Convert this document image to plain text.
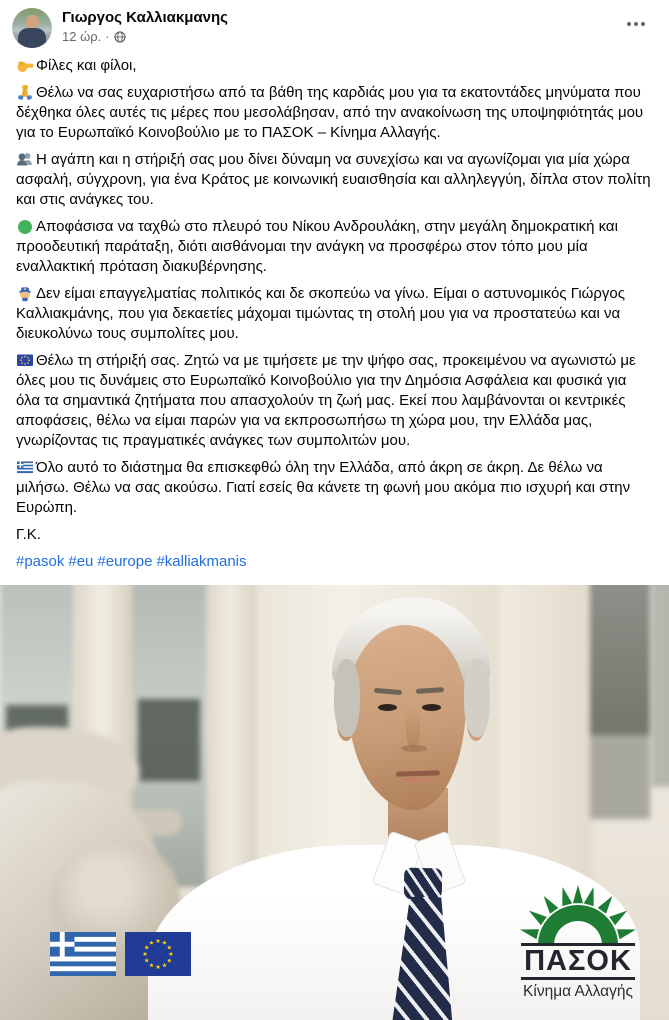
Γιωργος Καλλιακμανης
12 ώρ. ·

Φίλες και φίλοι,

Θέλω να σας ευχαριστήσω από τα βάθη της καρδιάς μου για τα εκατοντάδες μηνύματα που δέχθηκα όλες αυτές τις μέρες που μεσολάβησαν, από την ανακοίνωση της υποψηφιότητάς μου για το Ευρωπαϊκό Κοινοβούλιο με το ΠΑΣΟΚ – Κίνημα Αλλαγής.

Η αγάπη και η στήριξή σας μου δίνει δύναμη να συνεχίσω και να αγωνίζομαι για μία χώρα ασφαλή, σύγχρονη, για ένα Κράτος με κοινωνική ευαισθησία και αλληλεγγύη, δίπλα στον πολίτη και στις ανάγκες του.

Αποφάσισα να ταχθώ στο πλευρό του Νίκου Ανδρουλάκη, στην μεγάλη δημοκρατική και προοδευτική παράταξη, διότι αισθάνομαι την ανάγκη να προσφέρω στον τόπο μου μία εναλλακτική πρόταση διακυβέρνησης.

Δεν είμαι επαγγελματίας πολιτικός και δε σκοπεύω να γίνω. Είμαι ο αστυνομικός Γιώργος Καλλιακμάνης, που για δεκαετίες μάχομαι τιμώντας τη στολή μου για να προστατεύω και να διευκολύνω τους συμπολίτες μου.

Θέλω τη στήριξή σας. Ζητώ να με τιμήσετε με την ψήφο σας, προκειμένου να αγωνιστώ με όλες μου τις δυνάμεις στο Ευρωπαϊκό Κοινοβούλιο για την Δημόσια Ασφάλεια και φυσικά για όλα τα σημαντικά ζητήματα που απασχολούν τη ζωή μας. Εκεί που λαμβάνονται οι κεντρικές αποφάσεις, θέλω να είμαι παρών για να εκπροσωπήσω τη χώρα μου, την Ελλάδα μας, γνωρίζοντας τις πραγματικές ανάγκες των συμπολιτών μου.

Όλο αυτό το διάστημα θα επισκεφθώ όλη την Ελλάδα, από άκρη σε άκρη. Δε θέλω να μιλήσω. Θέλω να σας ακούσω. Γιατί εσείς θα κάνετε τη φωνή μου ακόμα πιο ισχυρή και στην Ευρώπη.

Γ.Κ.

#pasok #eu #europe #kalliakmanis

ΠΑΣΟΚ
Κίνημα Αλλαγής
